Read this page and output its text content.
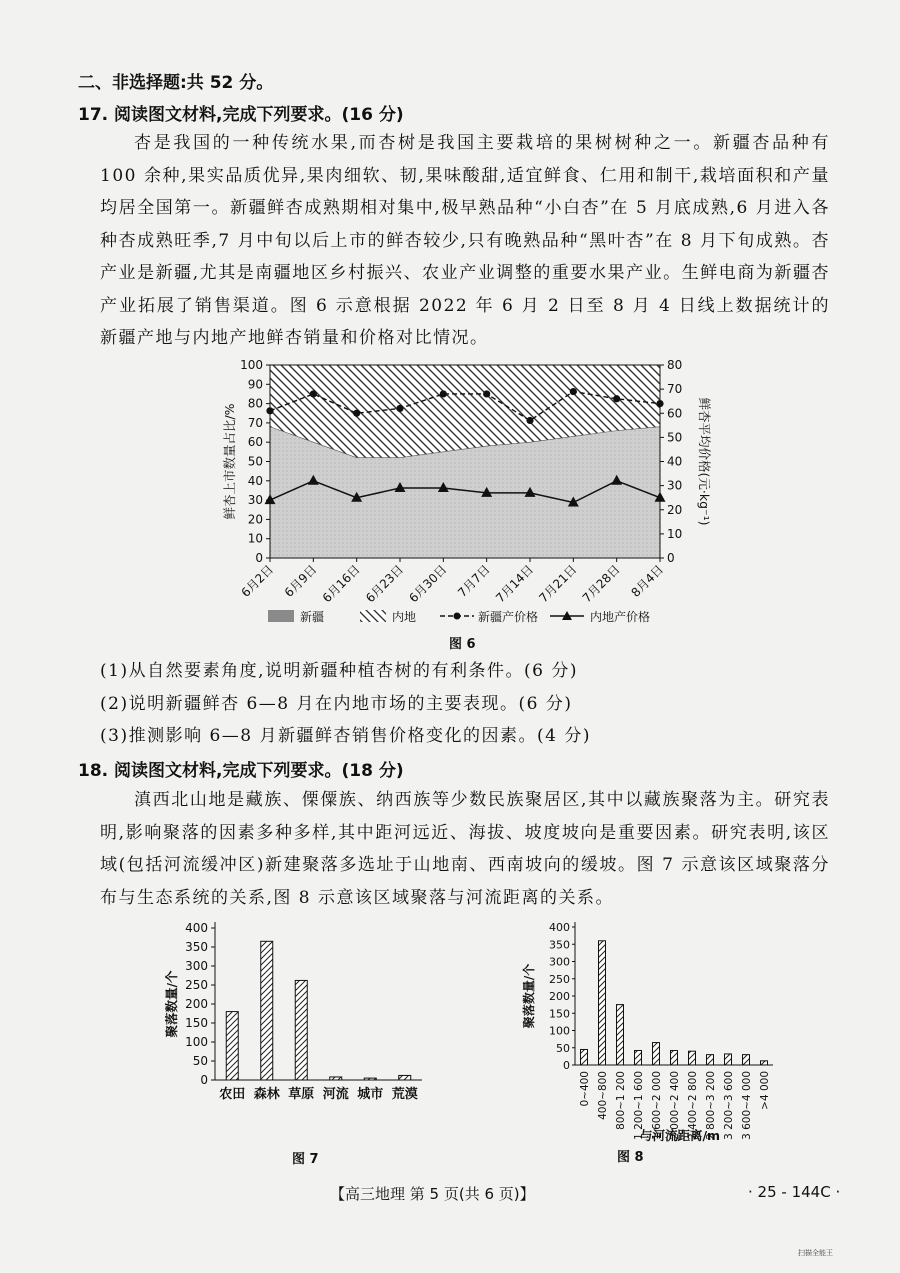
二、非选择题:共 52 分。
17. 阅读图文材料,完成下列要求。(16 分)

杏是我国的一种传统水果,而杏树是我国主要栽培的果树树种之一。新疆杏品种有 100 余种,果实品质优异,果肉细软、韧,果味酸甜,适宜鲜食、仁用和制干,栽培面积和产量均居全国第一。新疆鲜杏成熟期相对集中,极早熟品种“小白杏”在 5 月底成熟,6 月进入各种杏成熟旺季,7 月中旬以后上市的鲜杏较少,只有晚熟品种“黑叶杏”在 8 月下旬成熟。杏产业是新疆,尤其是南疆地区乡村振兴、农业产业调整的重要水果产业。生鲜电商为新疆杏产业拓展了销售渠道。图 6 示意根据 2022 年 6 月 2 日至 8 月 4 日线上数据统计的新疆产地与内地产地鲜杏销量和价格对比情况。

0
10
20
30
40
50
60
70
80
90
100
0
10
20
30
40
50
60
70
80
6月2日 6月9日 6月16日 6月23日 6月30日 7月7日 7月14日 7月21日 7月28日 8月4日
鲜杏上市数量占比/%	鲜杏平均价格(元·kg⁻¹)
新疆	内地	新疆产价格	内地产价格
图 6
(1)从自然要素角度,说明新疆种植杏树的有利条件。(6 分)
(2)说明新疆鲜杏 6—8 月在内地市场的主要表现。(6 分)
(3)推测影响 6—8 月新疆鲜杏销售价格变化的因素。(4 分)
18. 阅读图文材料,完成下列要求。(18 分)

滇西北山地是藏族、傈僳族、纳西族等少数民族聚居区,其中以藏族聚落为主。研究表明,影响聚落的因素多种多样,其中距河远近、海拔、坡度坡向是重要因素。研究表明,该区域(包括河流缓冲区)新建聚落多选址于山地南、西南坡向的缓坡。图 7 示意该区域聚落分布与生态系统的关系,图 8 示意该区域聚落与河流距离的关系。

0
50
100
150
200
250
300
350
400
农田 森林 草原 河流 城市 荒漠
聚落数量/个
图 7
0
50
100
150
200
250
300
350
400
0~400 400~800 800~1 200 1 200~1 600 1 600~2 000 2 000~2 400 2 400~2 800 2 800~3 200 3 200~3 600 3 600~4 000 >4 000
聚落数量/个
与河流距离/m
图 8
【高三地理 第 5 页(共 6 页)】	· 25 - 144C ·
扫描全能王
